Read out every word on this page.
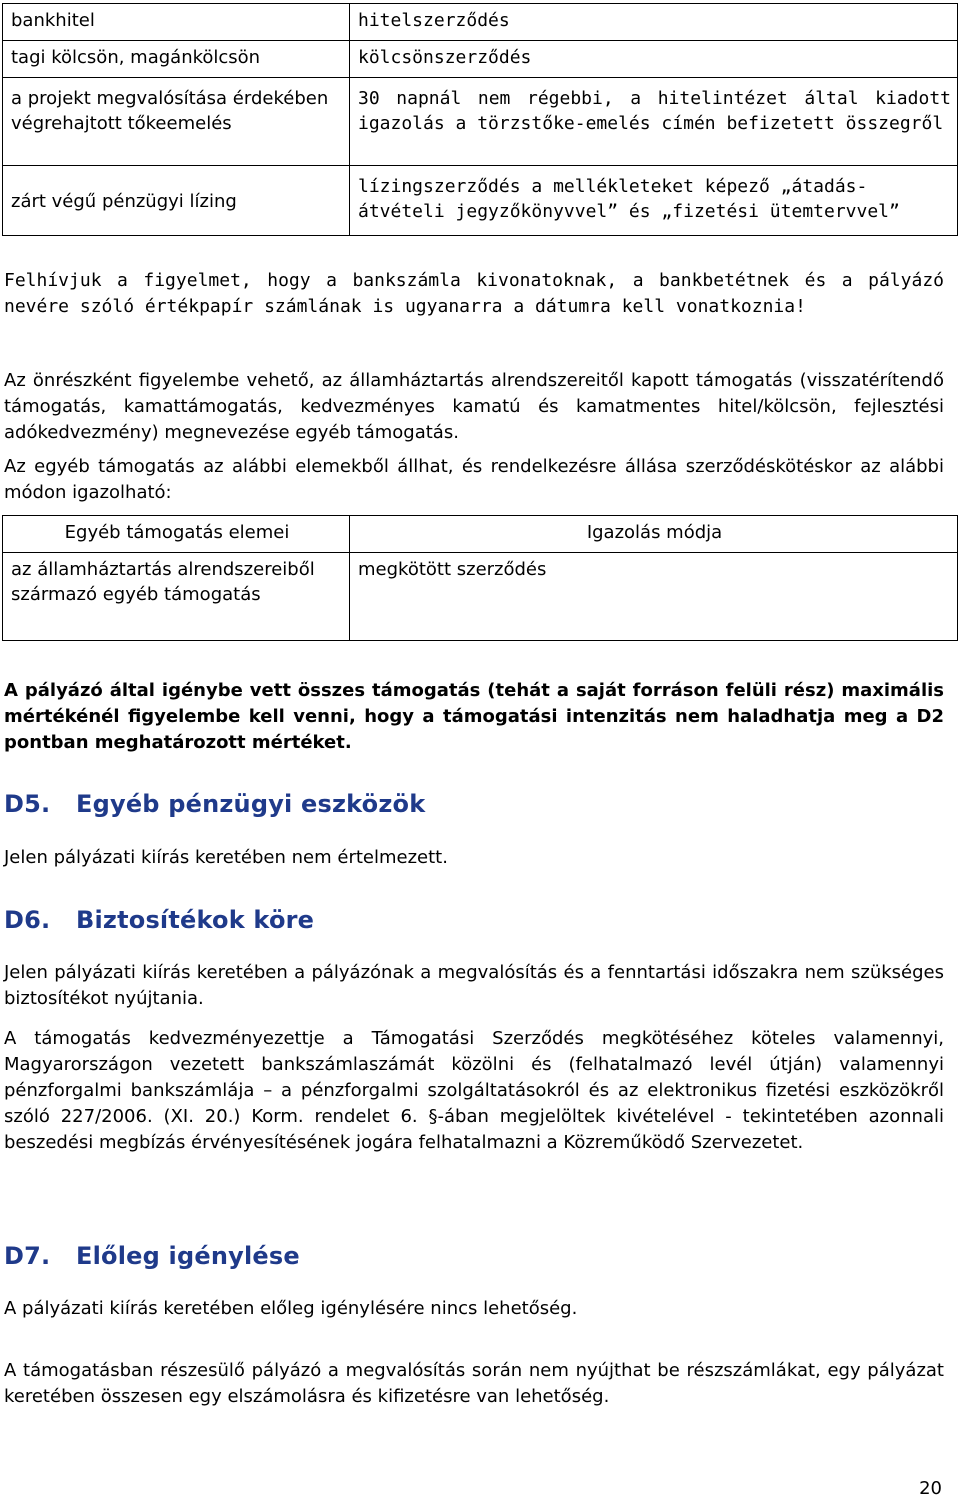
bankhitel	hitelszerződés
tagi kölcsön, magánkölcsön	kölcsönszerződés
a projekt megvalósítása érdekében végrehajtott tőkeemelés	30 napnál nem régebbi, a hitelintézet által kiadott igazolás a törzstőke-emelés címén befizetett összegről
zárt végű pénzügyi lízing	lízingszerződés a mellékleteket képező „átadás-átvételi jegyzőkönyvvel” és „fizetési ütemtervvel”

Felhívjuk a figyelmet, hogy a bankszámla kivonatoknak, a bankbetétnek és a pályázó nevére szóló értékpapír számlának is ugyanarra a dátumra kell vonatkoznia!

Az önrészként figyelembe vehető, az államháztartás alrendszereitől kapott támogatás (visszatérítendő támogatás, kamattámogatás, kedvezményes kamatú és kamatmentes hitel/kölcsön, fejlesztési adókedvezmény) megnevezése egyéb támogatás.

Az egyéb támogatás az alábbi elemekből állhat, és rendelkezésre állása szerződéskötéskor az alábbi módon igazolható:

Egyéb támogatás elemei	Igazolás módja
az államháztartás alrendszereiből származó egyéb támogatás	megkötött szerződés

A pályázó által igénybe vett összes támogatás (tehát a saját forráson felüli rész) maximális mértékénél figyelembe kell venni, hogy a támogatási intenzitás nem haladhatja meg a D2 pontban meghatározott mértéket.

D5. Egyéb pénzügyi eszközök

Jelen pályázati kiírás keretében nem értelmezett.

D6. Biztosítékok köre

Jelen pályázati kiírás keretében a pályázónak a megvalósítás és a fenntartási időszakra nem szükséges biztosítékot nyújtania.

A támogatás kedvezményezettje a Támogatási Szerződés megkötéséhez köteles valamennyi, Magyarországon vezetett bankszámlaszámát közölni és (felhatalmazó levél útján) valamennyi pénzforgalmi bankszámlája – a pénzforgalmi szolgáltatásokról és az elektronikus fizetési eszközökről szóló 227/2006. (XI. 20.) Korm. rendelet 6. §-ában megjelöltek kivételével - tekintetében azonnali beszedési megbízás érvényesítésének jogára felhatalmazni a Közreműködő Szervezetet.

D7. Előleg igénylése

A pályázati kiírás keretében előleg igénylésére nincs lehetőség.

A támogatásban részesülő pályázó a megvalósítás során nem nyújthat be részszámlákat, egy pályázat keretében összesen egy elszámolásra és kifizetésre van lehetőség.

20
